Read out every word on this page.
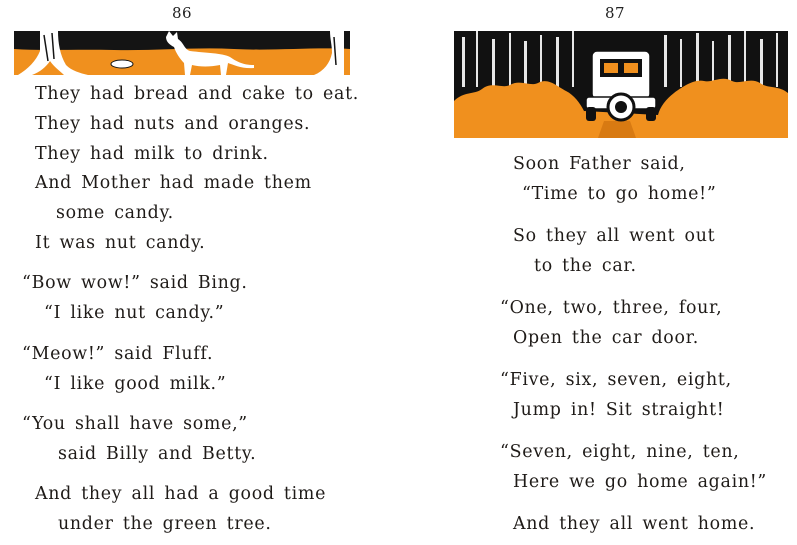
86
They had bread and cake to eat.
They had nuts and oranges.
They had milk to drink.
And Mother had made them
some candy.
It was nut candy.
“Bow wow!” said Bing.
“I like nut candy.”
“Meow!” said Fluff.
“I like good milk.”
“You shall have some,”
said Billy and Betty.
And they all had a good time
under the green tree.
87
Soon Father said,
“Time to go home!”
So they all went out
to the car.
“One, two, three, four,
Open the car door.
“Five, six, seven, eight,
Jump in! Sit straight!
“Seven, eight, nine, ten,
Here we go home again!”
And they all went home.
